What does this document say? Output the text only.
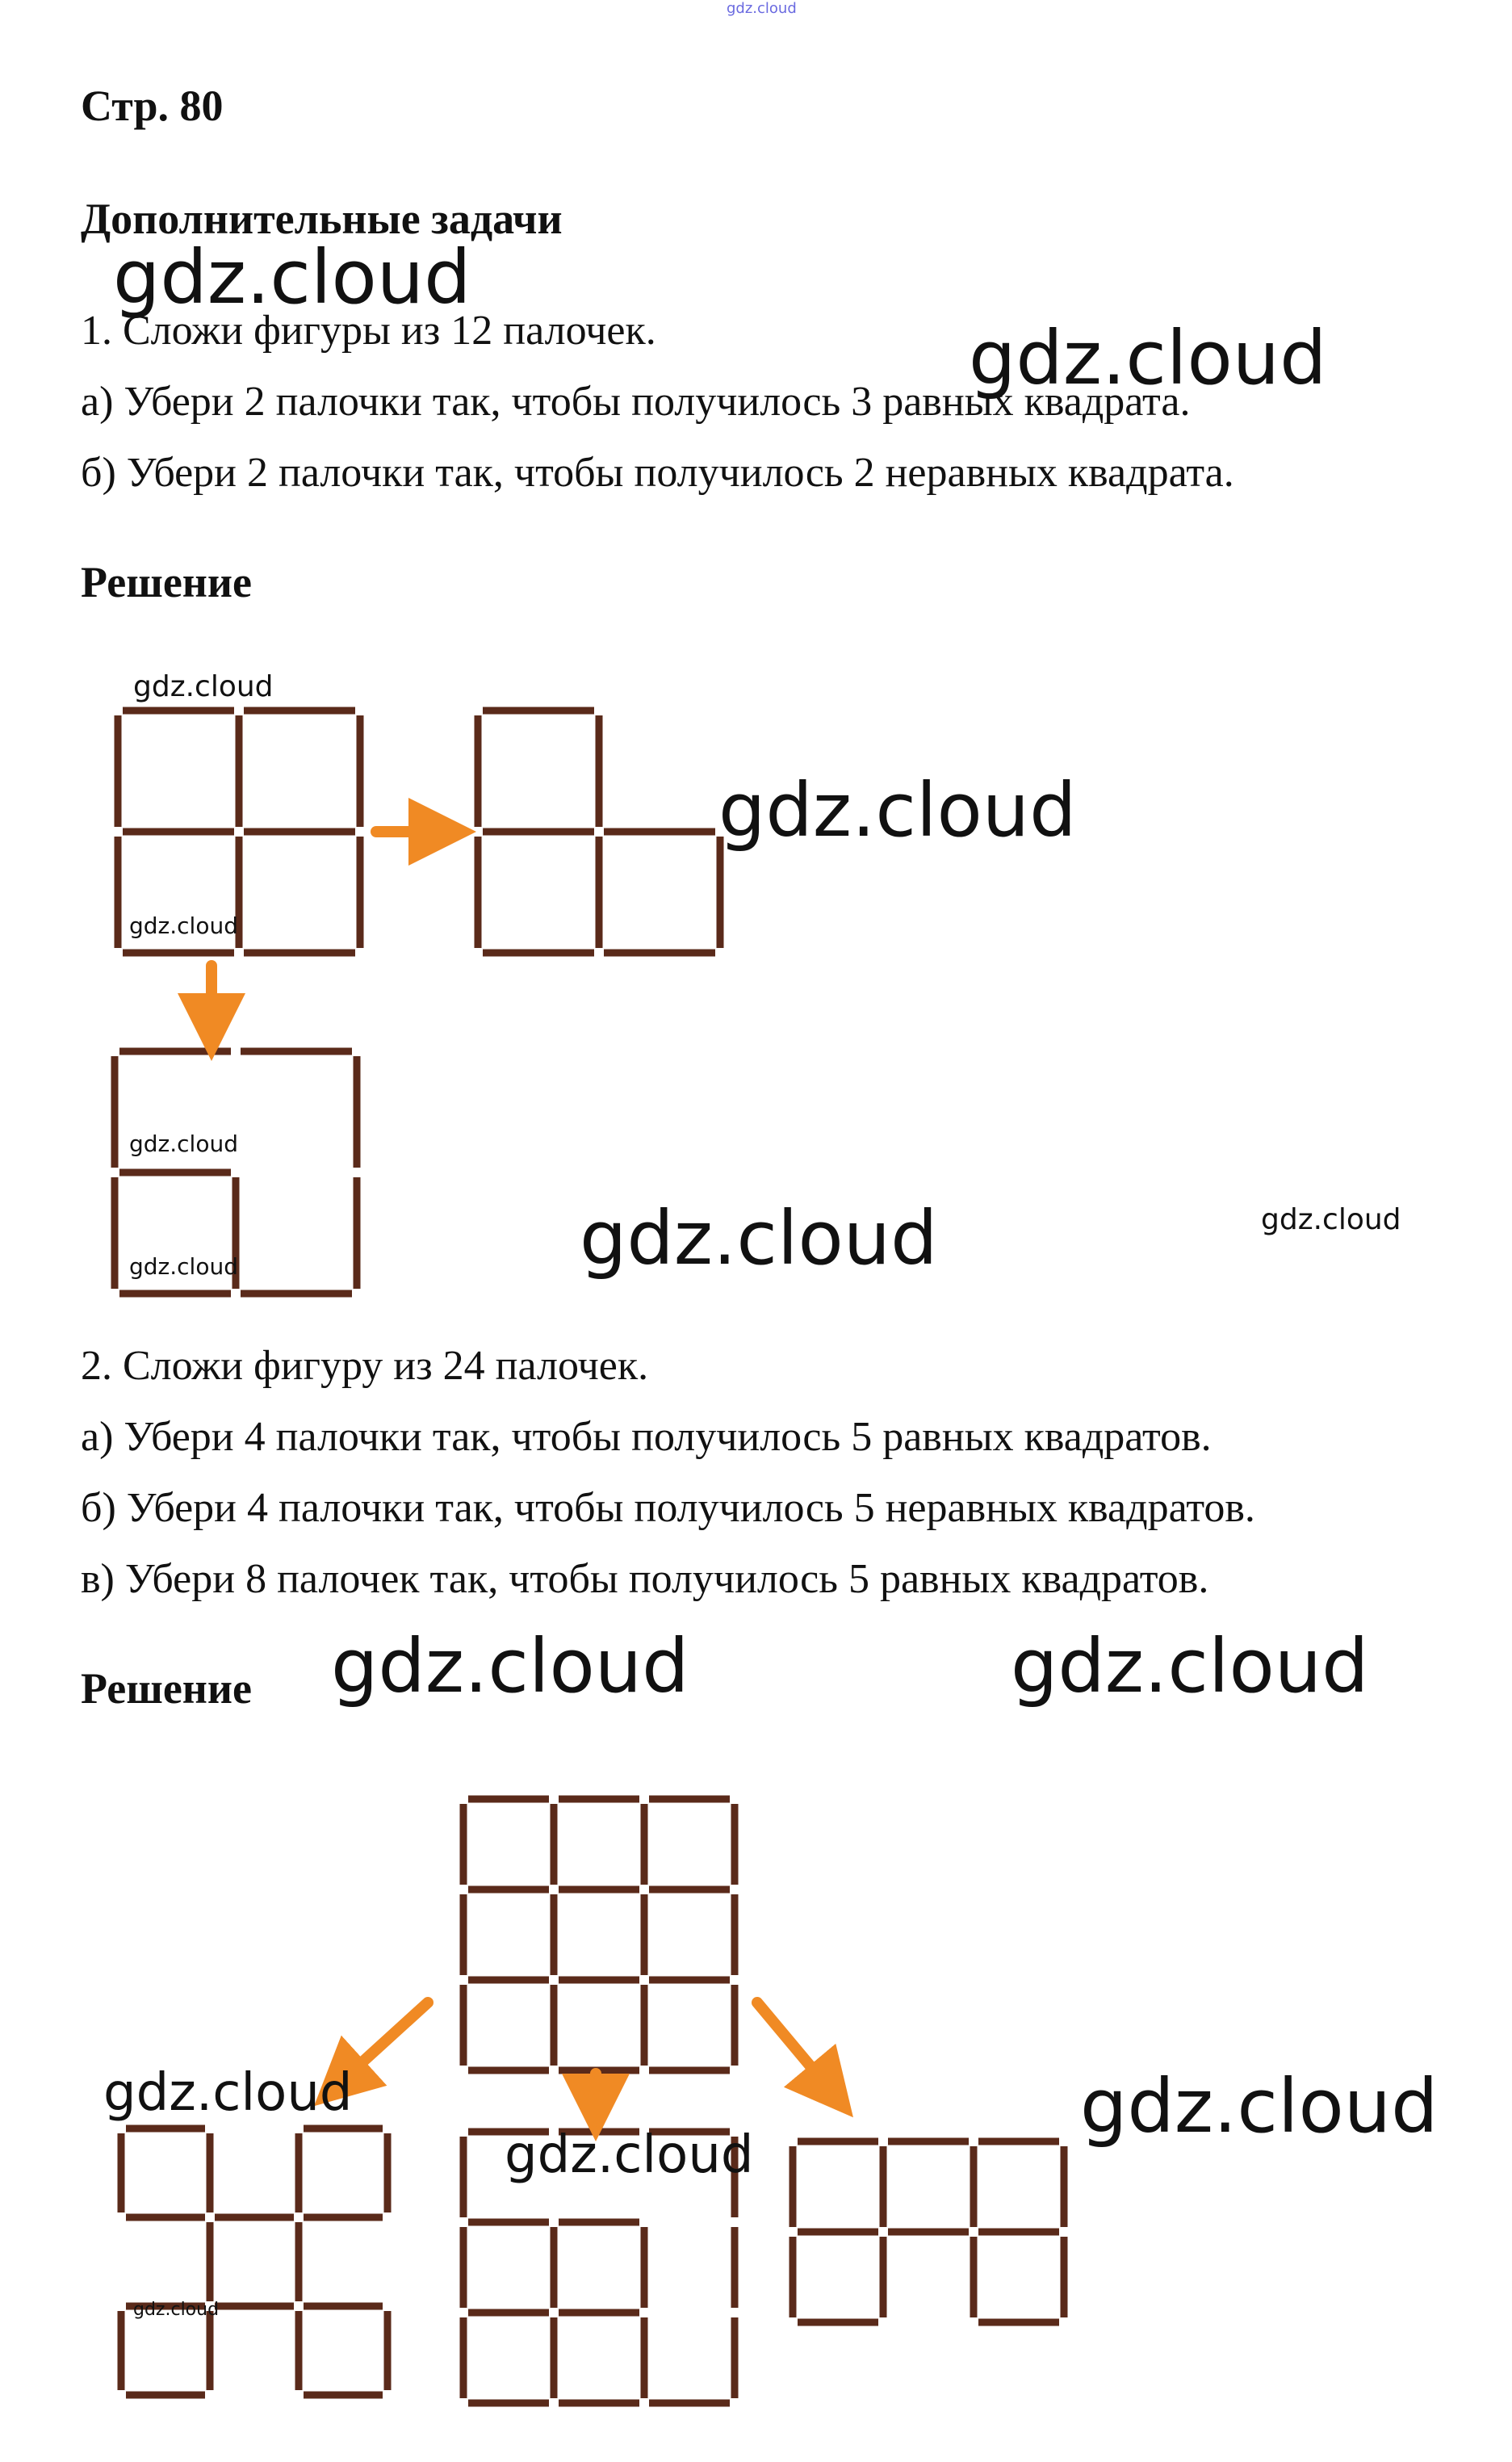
gdz.cloud
Стр. 80
Дополнительные задачи
1. Сложи фигуры из 12 палочек.
а) Убери 2 палочки так, чтобы получилось 3 равных квадрата.
б) Убери 2 палочки так, чтобы получилось 2 неравных квадрата.
Решение
2. Сложи фигуру из 24 палочек.
а) Убери 4 палочки так, чтобы получилось 5 равных квадратов.
б) Убери 4 палочки так, чтобы получилось 5 неравных квадратов.
в) Убери 8 палочек так, чтобы получилось 5 равных квадратов.
Решение
gdz.cloud
gdz.cloud
gdz.cloud
gdz.cloud
gdz.cloud
gdz.cloud
gdz.cloud	gdz.cloud
gdz.cloud
gdz.cloud	gdz.cloud
gdz.cloud	gdz.cloud
gdz.cloud
gdz.cloud
